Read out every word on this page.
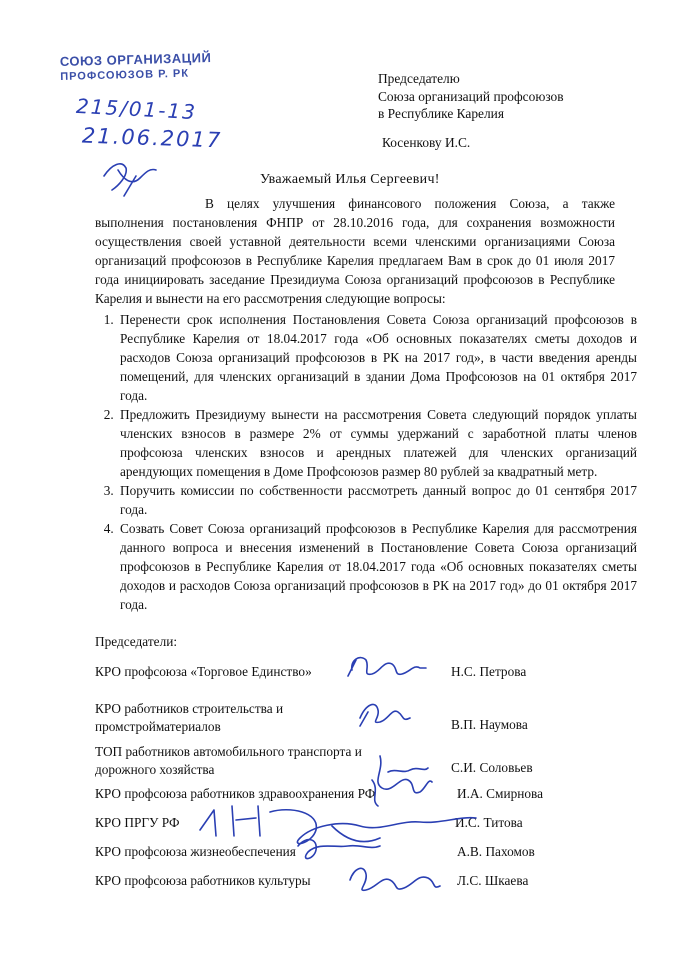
СОЮЗ ОРГАНИЗАЦИЙ
ПРОФСОЮЗОВ Р. РК
215/01-13
21.06.2017
Председателю
Союза организаций профсоюзов
в Республике Карелия
Косенкову И.С.
Уважаемый Илья Сергеевич!
В целях улучшения финансового положения Союза, а также выполнения постановления ФНПР от 28.10.2016 года, для сохранения возможности осуществления своей уставной деятельности всеми членскими организациями Союза организаций профсоюзов в Республике Карелия предлагаем Вам в срок до 01 июля 2017 года инициировать заседание Президиума Союза организаций профсоюзов в Республике Карелия и вынести на его рассмотрения следующие вопросы:
1. Перенести срок исполнения Постановления Совета Союза организаций профсоюзов в Республике Карелия от 18.04.2017 года «Об основных показателях сметы доходов и расходов Союза организаций профсоюзов в РК на 2017 год», в части введения аренды помещений, для членских организаций в здании Дома Профсоюзов на 01 октября 2017 года.
2. Предложить Президиуму вынести на рассмотрения Совета следующий порядок уплаты членских взносов в размере 2% от суммы удержаний с заработной платы членов профсоюза членских взносов и арендных платежей для членских организаций арендующих помещения в Доме Профсоюзов размер 80 рублей за квадратный метр.
3. Поручить комиссии по собственности рассмотреть данный вопрос до 01 сентября 2017 года.
4. Созвать Совет Союза организаций профсоюзов в Республике Карелия для рассмотрения данного вопроса и внесения изменений в Постановление Совета Союза организаций профсоюзов в Республике Карелия от 18.04.2017 года «Об основных показателях сметы доходов и расходов Союза организаций профсоюзов в РК на 2017 год» до 01 октября 2017 года.
Председатели:
КРО профсоюза «Торговое Единство»	Н.С. Петрова
КРО работников строительства и промстройматериалов	В.П. Наумова
ТОП работников автомобильного транспорта и дорожного хозяйства	С.И. Соловьев
КРО профсоюза работников здравоохранения РФ	И.А. Смирнова
КРО ПРГУ РФ	И.С. Титова
КРО профсоюза жизнеобеспечения	А.В. Пахомов
КРО профсоюза работников культуры	Л.С. Шкаева
